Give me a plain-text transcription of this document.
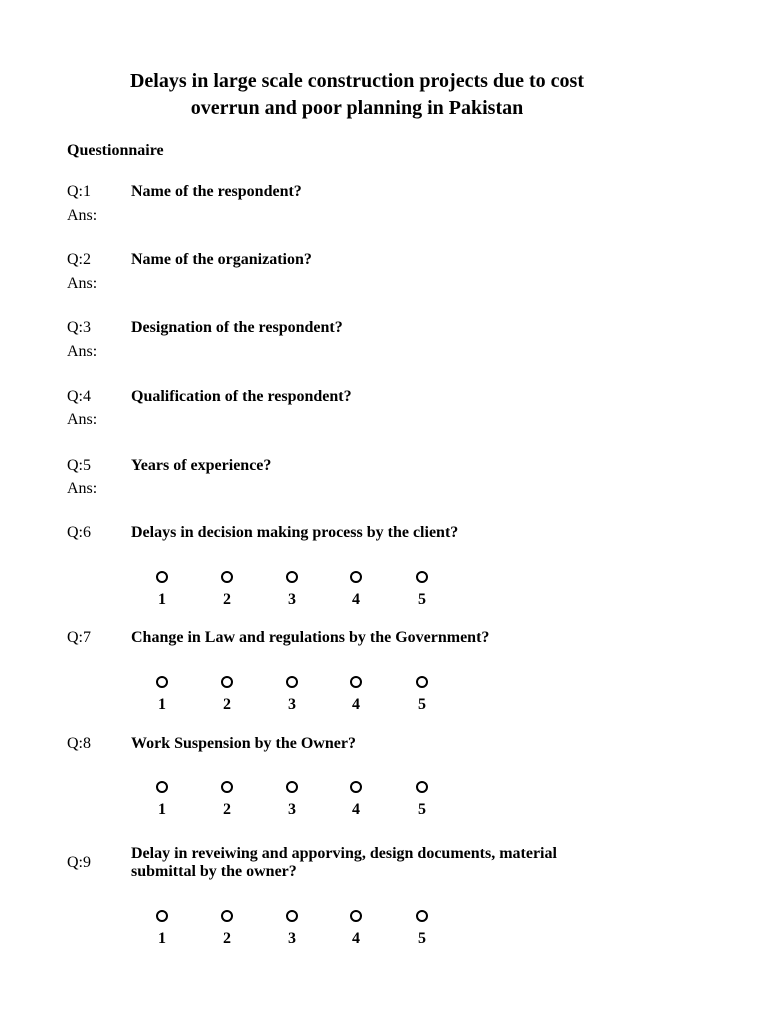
Delays in large scale construction projects due to cost
overrun and poor planning in Pakistan
Questionnaire
Q:1	Name of the respondent?
Ans:
Q:2	Name of the organization?
Ans:
Q:3	Designation of the respondent?
Ans:
Q:4	Qualification of the respondent?
Ans:
Q:5	Years of experience?
Ans:
Q:6	Delays in decision making process by the client?
1	2	3	4	5
Q:7	Change in Law and regulations by the Government?
1	2	3	4	5
Q:8	Work Suspension by the Owner?
1	2	3	4	5
Q:9
Delay in reveiwing and apporving, design documents, material
submittal by the owner?
1	2	3	4	5
